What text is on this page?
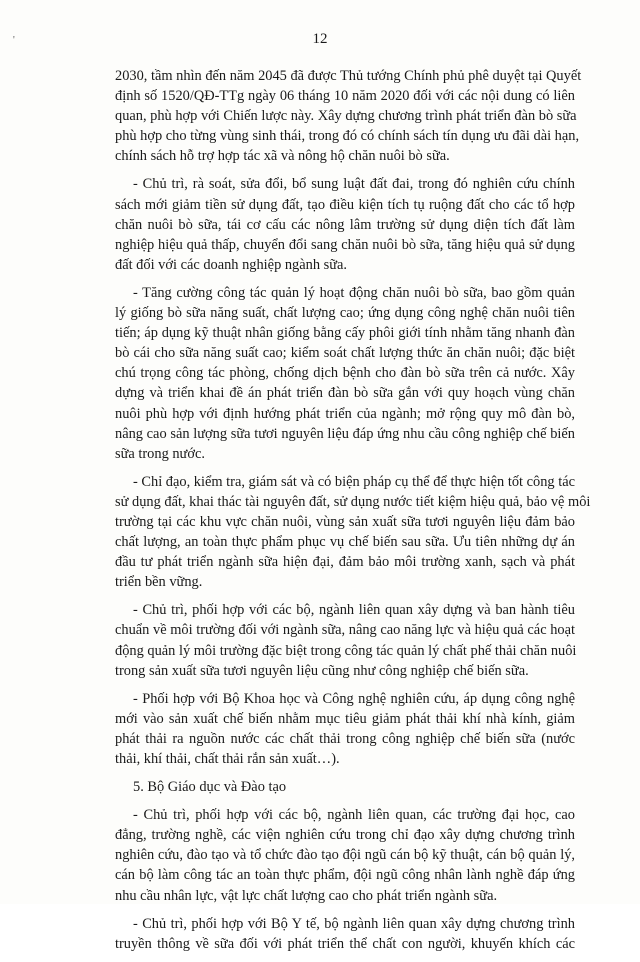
'	12
2030, tầm nhìn đến năm 2045 đã được Thủ tướng Chính phủ phê duyệt tại Quyết
định số 1520/QĐ-TTg ngày 06 tháng 10 năm 2020 đối với các nội dung có liên
quan, phù hợp với Chiến lược này. Xây dựng chương trình phát triển đàn bò sữa
phù hợp cho từng vùng sinh thái, trong đó có chính sách tín dụng ưu đãi dài hạn,
chính sách hỗ trợ hợp tác xã và nông hộ chăn nuôi bò sữa.
- Chủ trì, rà soát, sửa đổi, bổ sung luật đất đai, trong đó nghiên cứu chính
sách mới giảm tiền sử dụng đất, tạo điều kiện tích tụ ruộng đất cho các tổ hợp
chăn nuôi bò sữa, tái cơ cấu các nông lâm trường sử dụng diện tích đất làm
nghiệp hiệu quả thấp, chuyển đổi sang chăn nuôi bò sữa, tăng hiệu quả sử dụng
đất đối với các doanh nghiệp ngành sữa.
- Tăng cường công tác quản lý hoạt động chăn nuôi bò sữa, bao gồm quản
lý giống bò sữa năng suất, chất lượng cao; ứng dụng công nghệ chăn nuôi tiên
tiến; áp dụng kỹ thuật nhân giống bằng cấy phôi giới tính nhằm tăng nhanh đàn
bò cái cho sữa năng suất cao; kiểm soát chất lượng thức ăn chăn nuôi; đặc biệt
chú trọng công tác phòng, chống dịch bệnh cho đàn bò sữa trên cả nước. Xây
dựng và triển khai đề án phát triển đàn bò sữa gắn với quy hoạch vùng chăn
nuôi phù hợp với định hướng phát triển của ngành; mở rộng quy mô đàn bò,
nâng cao sản lượng sữa tươi nguyên liệu đáp ứng nhu cầu công nghiệp chế biến
sữa trong nước.
- Chỉ đạo, kiểm tra, giám sát và có biện pháp cụ thể để thực hiện tốt công tác
sử dụng đất, khai thác tài nguyên đất, sử dụng nước tiết kiệm hiệu quả, bảo vệ môi
trường tại các khu vực chăn nuôi, vùng sản xuất sữa tươi nguyên liệu đảm bảo
chất lượng, an toàn thực phẩm phục vụ chế biến sau sữa. Ưu tiên những dự án
đầu tư phát triển ngành sữa hiện đại, đảm bảo môi trường xanh, sạch và phát
triển bền vững.
- Chủ trì, phối hợp với các bộ, ngành liên quan xây dựng và ban hành tiêu
chuẩn về môi trường đối với ngành sữa, nâng cao năng lực và hiệu quả các hoạt
động quản lý môi trường đặc biệt trong công tác quản lý chất phế thải chăn nuôi
trong sản xuất sữa tươi nguyên liệu cũng như công nghiệp chế biến sữa.
- Phối hợp với Bộ Khoa học và Công nghệ nghiên cứu, áp dụng công nghệ
mới vào sản xuất chế biến nhằm mục tiêu giảm phát thải khí nhà kính, giảm
phát thải ra nguồn nước các chất thải trong công nghiệp chế biến sữa (nước
thải, khí thải, chất thải rắn sản xuất…).
5. Bộ Giáo dục và Đào tạo
- Chủ trì, phối hợp với các bộ, ngành liên quan, các trường đại học, cao
đẳng, trường nghề, các viện nghiên cứu trong chỉ đạo xây dựng chương trình
nghiên cứu, đào tạo và tổ chức đào tạo đội ngũ cán bộ kỹ thuật, cán bộ quản lý,
cán bộ làm công tác an toàn thực phẩm, đội ngũ công nhân lành nghề đáp ứng
nhu cầu nhân lực, vật lực chất lượng cao cho phát triển ngành sữa.
- Chủ trì, phối hợp với Bộ Y tế, bộ ngành liên quan xây dựng chương trình
truyền thông về sữa đối với phát triển thể chất con người, khuyến khích các
